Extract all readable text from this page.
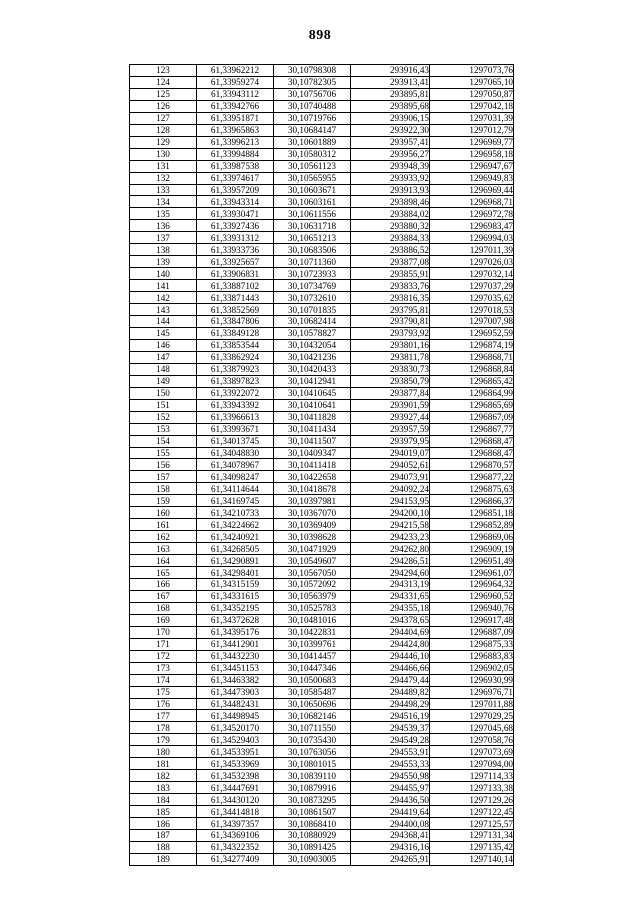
898
123	61,33962212	30,10798308	293916,43	1297073,76
124	61,33959274	30,10782305	293913,41	1297065,10
125	61,33943112	30,10756706	293895,81	1297050,87
126	61,33942766	30,10740488	293895,68	1297042,18
127	61,33951871	30,10719766	293906,15	1297031,39
128	61,33965863	30,10684147	293922,30	1297012,79
129	61,33996213	30,10601889	293957,41	1296969,77
130	61,33994884	30,10580312	293956,27	1296958,18
131	61,33987538	30,10561123	293948,39	1296947,67
132	61,33974617	30,10565955	293933,92	1296949,83
133	61,33957209	30,10603671	293913,93	1296969,44
134	61,33943314	30,10603161	293898,46	1296968,71
135	61,33930471	30,10611556	293884,02	1296972,78
136	61,33927436	30,10631718	293880,32	1296983,47
137	61,33931312	30,10651213	293884,33	1296994,03
138	61,33933736	30,10683506	293886,52	1297011,39
139	61,33925657	30,10711360	293877,08	1297026,03
140	61,33906831	30,10723933	293855,91	1297032,14
141	61,33887102	30,10734769	293833,76	1297037,29
142	61,33871443	30,10732610	293816,35	1297035,62
143	61,33852569	30,10701835	293795,81	1297018,53
144	61,33847806	30,10682414	293790,81	1297007,98
145	61,33849128	30,10578827	293793,92	1296952,59
146	61,33853544	30,10432054	293801,16	1296874,19
147	61,33862924	30,10421236	293811,78	1296868,71
148	61,33879923	30,10420433	293830,73	1296868,84
149	61,33897823	30,10412941	293850,79	1296865,42
150	61,33922072	30,10410645	293877,84	1296864,99
151	61,33943392	30,10410641	293901,59	1296865,69
152	61,33966613	30,10411828	293927,44	1296867,09
153	61,33993671	30,10411434	293957,59	1296867,77
154	61,34013745	30,10411507	293979,95	1296868,47
155	61,34048830	30,10409347	294019,07	1296868,47
156	61,34078967	30,10411418	294052,61	1296870,57
157	61,34098247	30,10422658	294073,91	1296877,22
158	61,34114644	30,10418678	294092,24	1296875,63
159	61,34169745	30,10397981	294153,95	1296866,37
160	61,34210733	30,10367070	294200,10	1296851,18
161	61,34224662	30,10369409	294215,58	1296852,89
162	61,34240921	30,10398628	294233,23	1296869,06
163	61,34268505	30,10471929	294262,80	1296909,19
164	61,34290891	30,10549607	294286,51	1296951,49
165	61,34298401	30,10567050	294294,60	1296961,07
166	61,34315159	30,10572092	294313,19	1296964,32
167	61,34331615	30,10563979	294331,65	1296960,52
168	61,34352195	30,10525783	294355,18	1296940,76
169	61,34372628	30,10481016	294378,65	1296917,48
170	61,34395176	30,10422831	294404,69	1296887,09
171	61,34412901	30,10399761	294424,80	1296875,33
172	61,34432230	30,10414457	294446,10	1296883,83
173	61,34451153	30,10447346	294466,66	1296902,05
174	61,34463382	30,10500683	294479,44	1296930,99
175	61,34473903	30,10585487	294489,82	1296976,71
176	61,34482431	30,10650696	294498,29	1297011,88
177	61,34498945	30,10682146	294516,19	1297029,25
178	61,34520170	30,10711550	294539,37	1297045,68
179	61,34529403	30,10735430	294549,28	1297058,76
180	61,34533951	30,10763056	294553,91	1297073,69
181	61,34533969	30,10801015	294553,33	1297094,00
182	61,34532398	30,10839110	294550,98	1297114,33
183	61,34447691	30,10879916	294455,97	1297133,38
184	61,34430120	30,10873295	294436,50	1297129,26
185	61,34414818	30,10861507	294419,64	1297122,45
186	61,34397357	30,10868410	294400,08	1297125,57
187	61,34369106	30,10880929	294368,41	1297131,34
188	61,34322352	30,10891425	294316,16	1297135,42
189	61,34277409	30,10903005	294265,91	1297140,14
